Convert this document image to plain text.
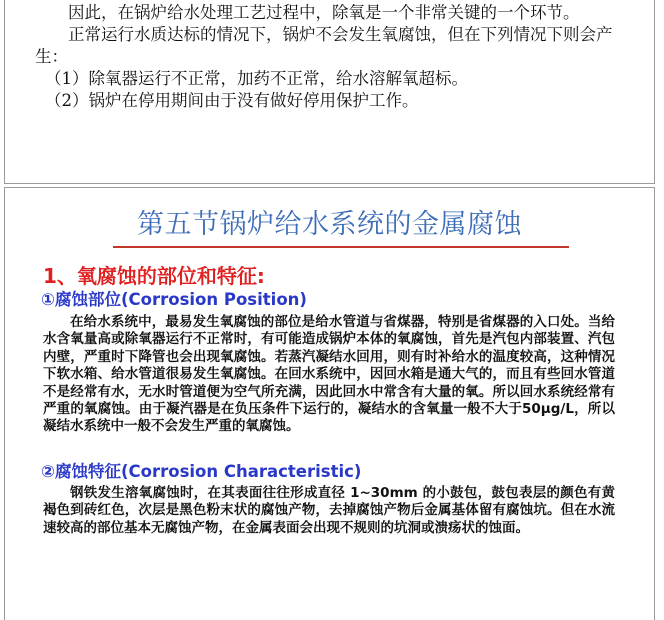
因此，在锅炉给水处理工艺过程中，除氧是一个非常关键的一个环节。

正常运行水质达标的情况下，锅炉不会发生氧腐蚀，但在下列情况下则会产生：

（1）除氧器运行不正常，加药不正常，给水溶解氧超标。

（2）锅炉在停用期间由于没有做好停用保护工作。

第五节锅炉给水系统的金属腐蚀
1、氧腐蚀的部位和特征:
①腐蚀部位(Corrosion Position)

在给水系统中，最易发生氧腐蚀的部位是给水管道与省煤器，特别是省煤器的入口处。当给水含氧量高或除氧器运行不正常时，有可能造成锅炉本体的氧腐蚀，首先是汽包内部装置、汽包内壁，严重时下降管也会出现氧腐蚀。若蒸汽凝结水回用，则有时补给水的温度较高，这种情况下软水箱、给水管道很易发生氧腐蚀。在回水系统中，因回水箱是通大气的，而且有些回水管道不是经常有水，无水时管道便为空气所充满，因此回水中常含有大量的氧。所以回水系统经常有严重的氧腐蚀。由于凝汽器是在负压条件下运行的，凝结水的含氧量一般不大于50μg/L，所以凝结水系统中一般不会发生严重的氧腐蚀。

②腐蚀特征(Corrosion Characteristic)

钢铁发生溶氧腐蚀时，在其表面往往形成直径 1~30mm 的小鼓包，鼓包表层的颜色有黄褐色到砖红色，次层是黑色粉末状的腐蚀产物，去掉腐蚀产物后金属基体留有腐蚀坑。但在水流速较高的部位基本无腐蚀产物，在金属表面会出现不规则的坑洞或溃疡状的蚀面。
